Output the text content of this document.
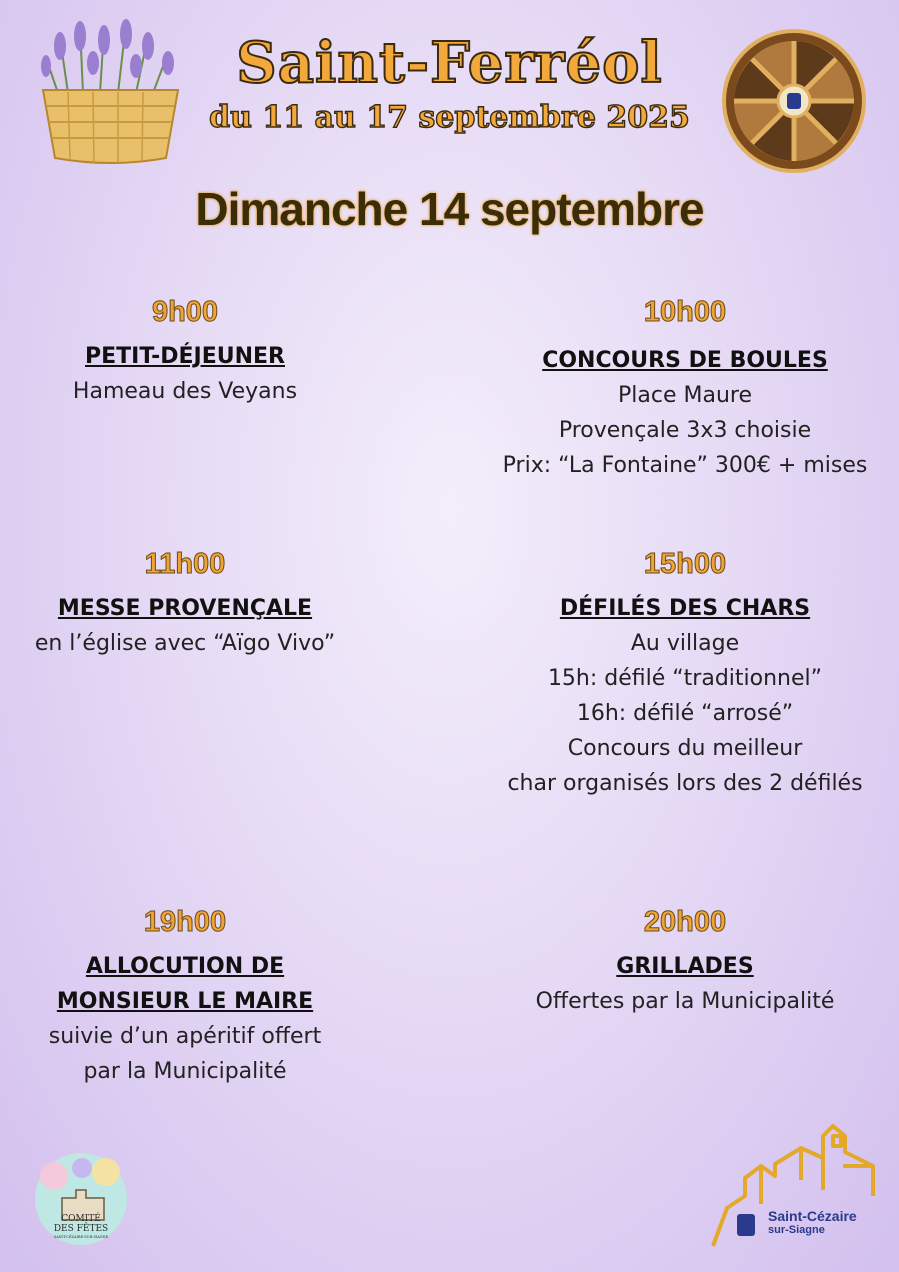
Saint-Ferréol
du 11 au 17 septembre 2025
Dimanche 14 septembre
9h00
PETIT-DÉJEUNER
Hameau des Veyans
10h00
CONCOURS DE BOULES
Place Maure
Provençale 3x3 choisie
Prix: “La Fontaine” 300€ + mises
11h00
MESSE PROVENÇALE
en l’église avec “Aïgo Vivo”
15h00
DÉFILÉS DES CHARS
Au village
15h: défilé “traditionnel”
16h: défilé “arrosé”
Concours du meilleur
char organisés lors des 2 défilés
19h00
ALLOCUTION DE
MONSIEUR LE MAIRE
suivie d’un apéritif offert
par la Municipalité
20h00
GRILLADES
Offertes par la Municipalité
COMITÉ
DES FÊTES
SAINT-CÉZAIRE-SUR-SIAGNE
Saint-Cézaire
sur-Siagne
